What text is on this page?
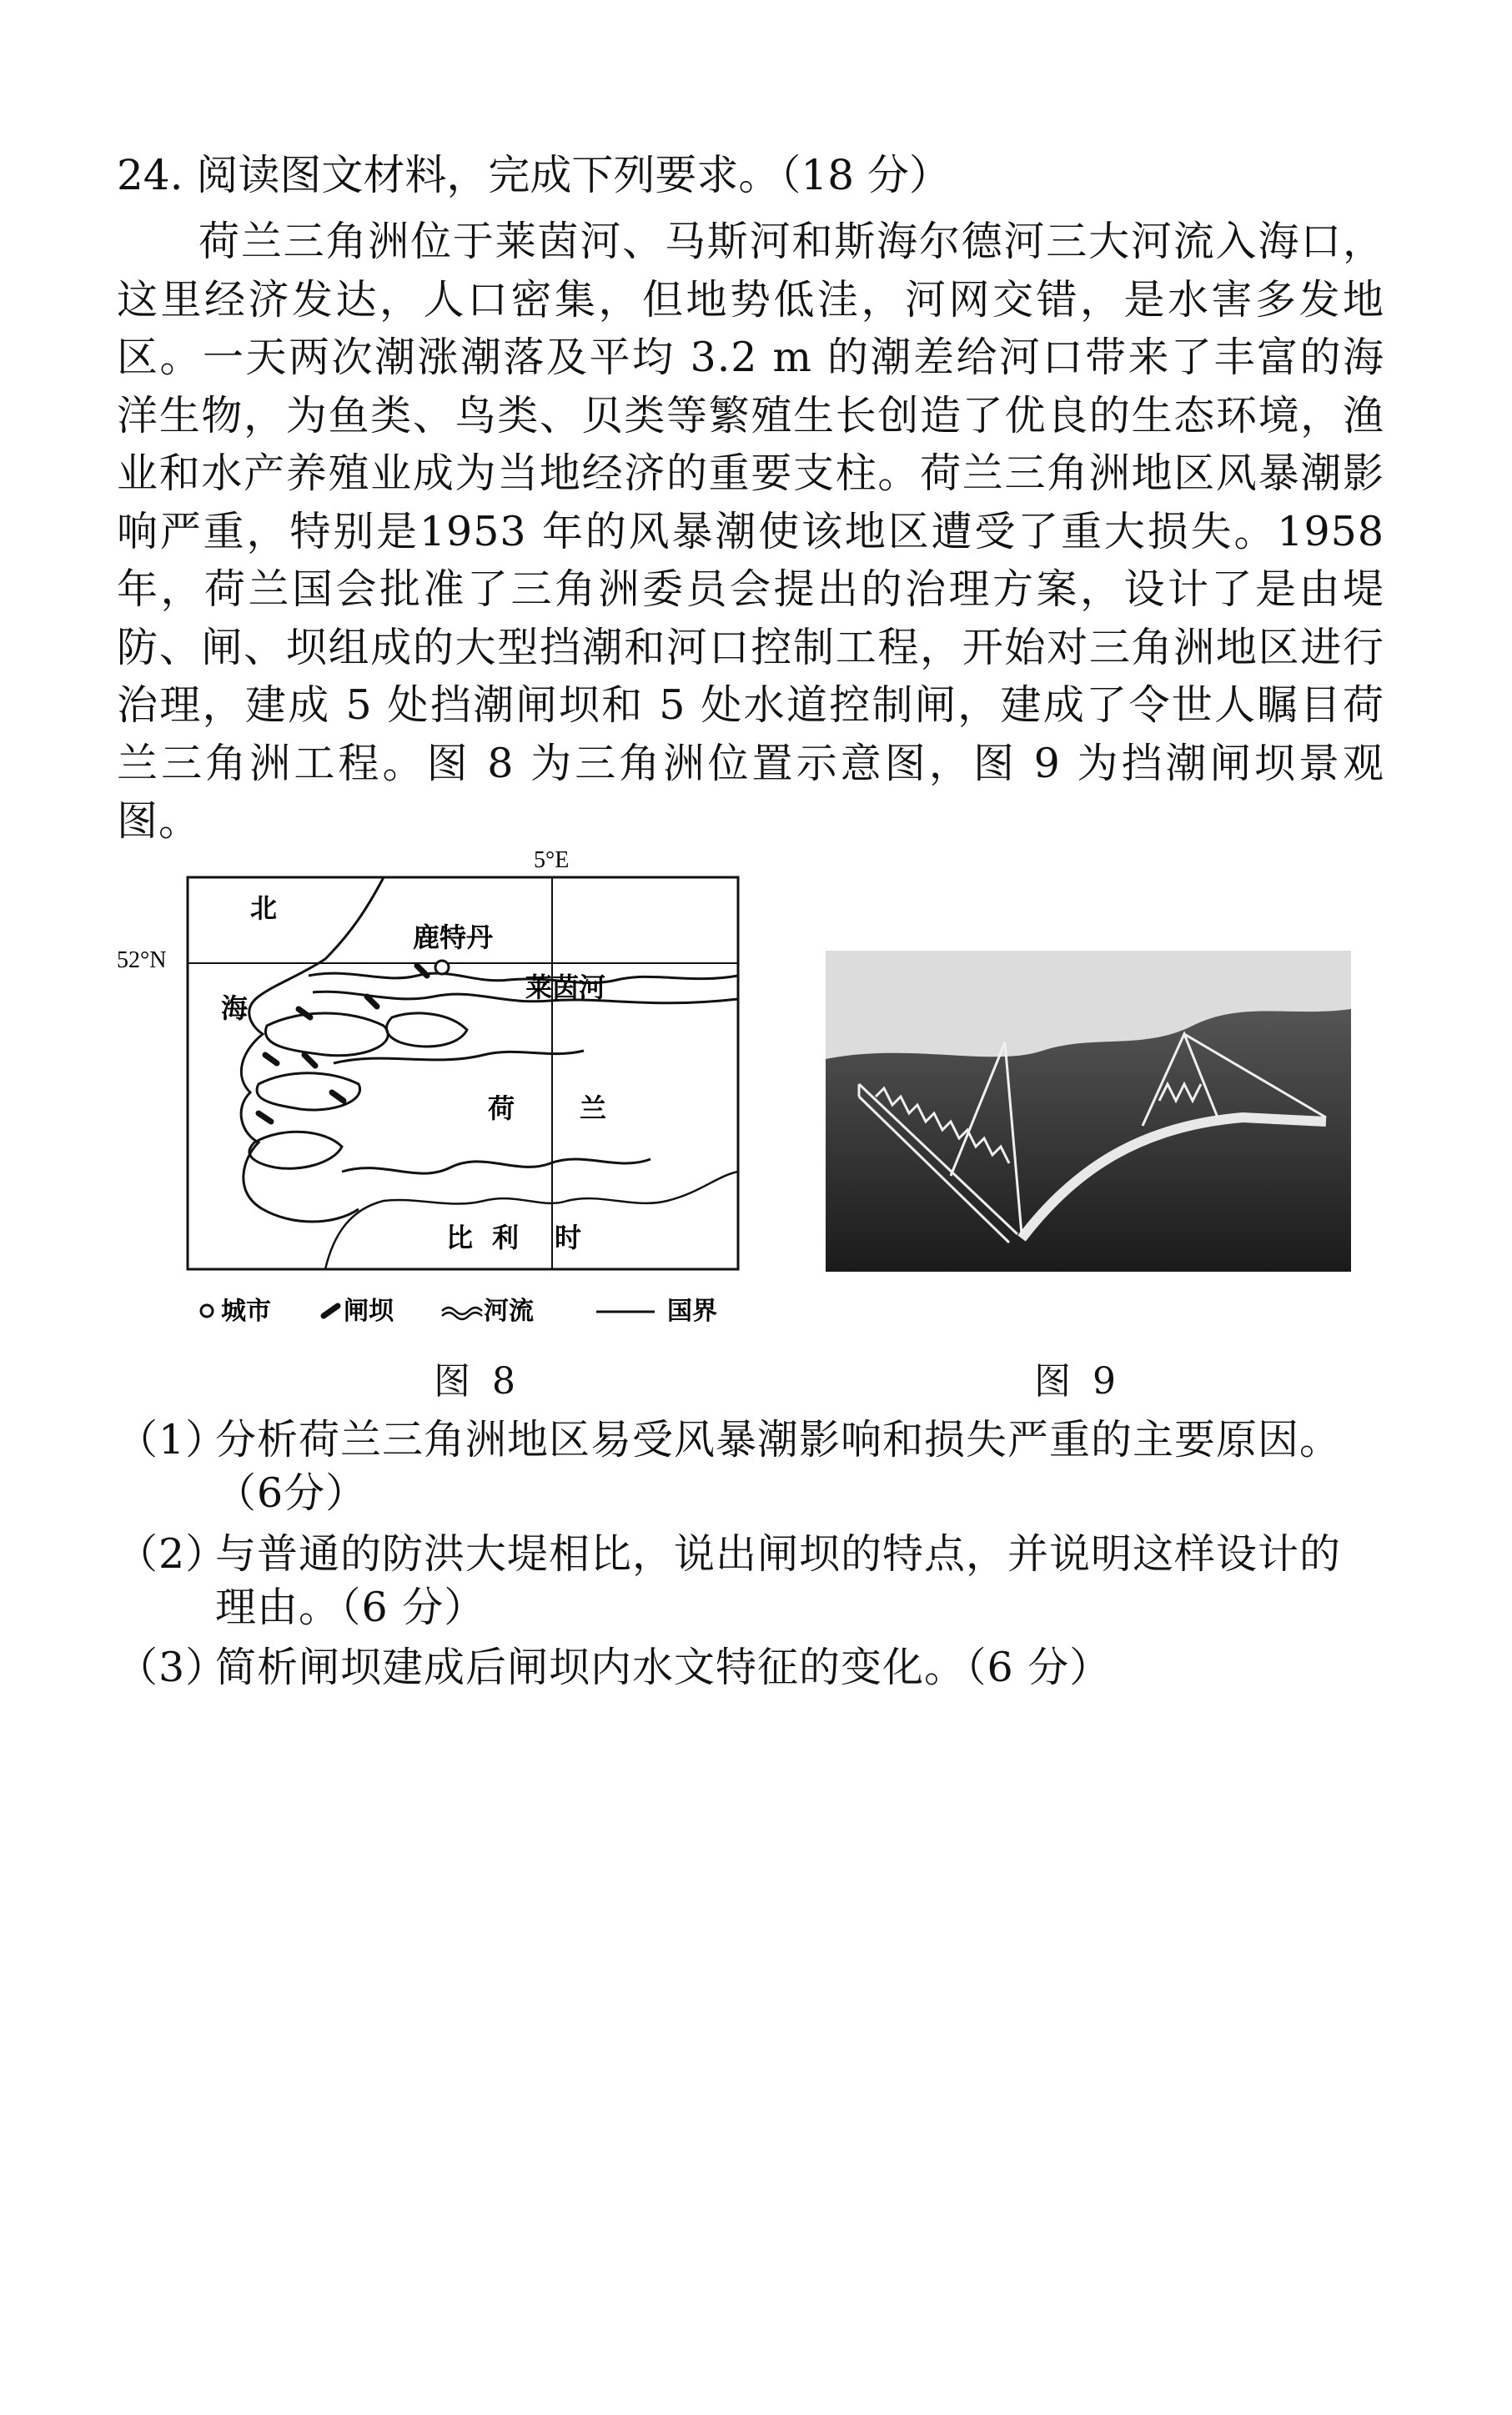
24. 阅读图文材料，完成下列要求。（18 分）
荷兰三角洲位于莱茵河、马斯河和斯海尔德河三大河流入海口，这里经济发达，人口密集，但地势低洼，河网交错，是水害多发地区。一天两次潮涨潮落及平均 3.2 m 的潮差给河口带来了丰富的海洋生物，为鱼类、鸟类、贝类等繁殖生长创造了优良的生态环境，渔业和水产养殖业成为当地经济的重要支柱。荷兰三角洲地区风暴潮影响严重，特别是1953 年的风暴潮使该地区遭受了重大损失。1958 年，荷兰国会批准了三角洲委员会提出的治理方案，设计了是由堤防、闸、坝组成的大型挡潮和河口控制工程，开始对三角洲地区进行治理，建成 5 处挡潮闸坝和 5 处水道控制闸，建成了令世人瞩目荷兰三角洲工程。图 8 为三角洲位置示意图，图 9 为挡潮闸坝景观图。
5°E
52°N
北
海
鹿特丹
莱茵河
荷 兰
比 利 时
城市	闸坝	河流	国界
图 8	图 9
（1）分析荷兰三角洲地区易受风暴潮影响和损失严重的主要原因。
（6分）
（2）与普通的防洪大堤相比，说出闸坝的特点，并说明这样设计的
理由。（6 分）
（3）简析闸坝建成后闸坝内水文特征的变化。（6 分）
